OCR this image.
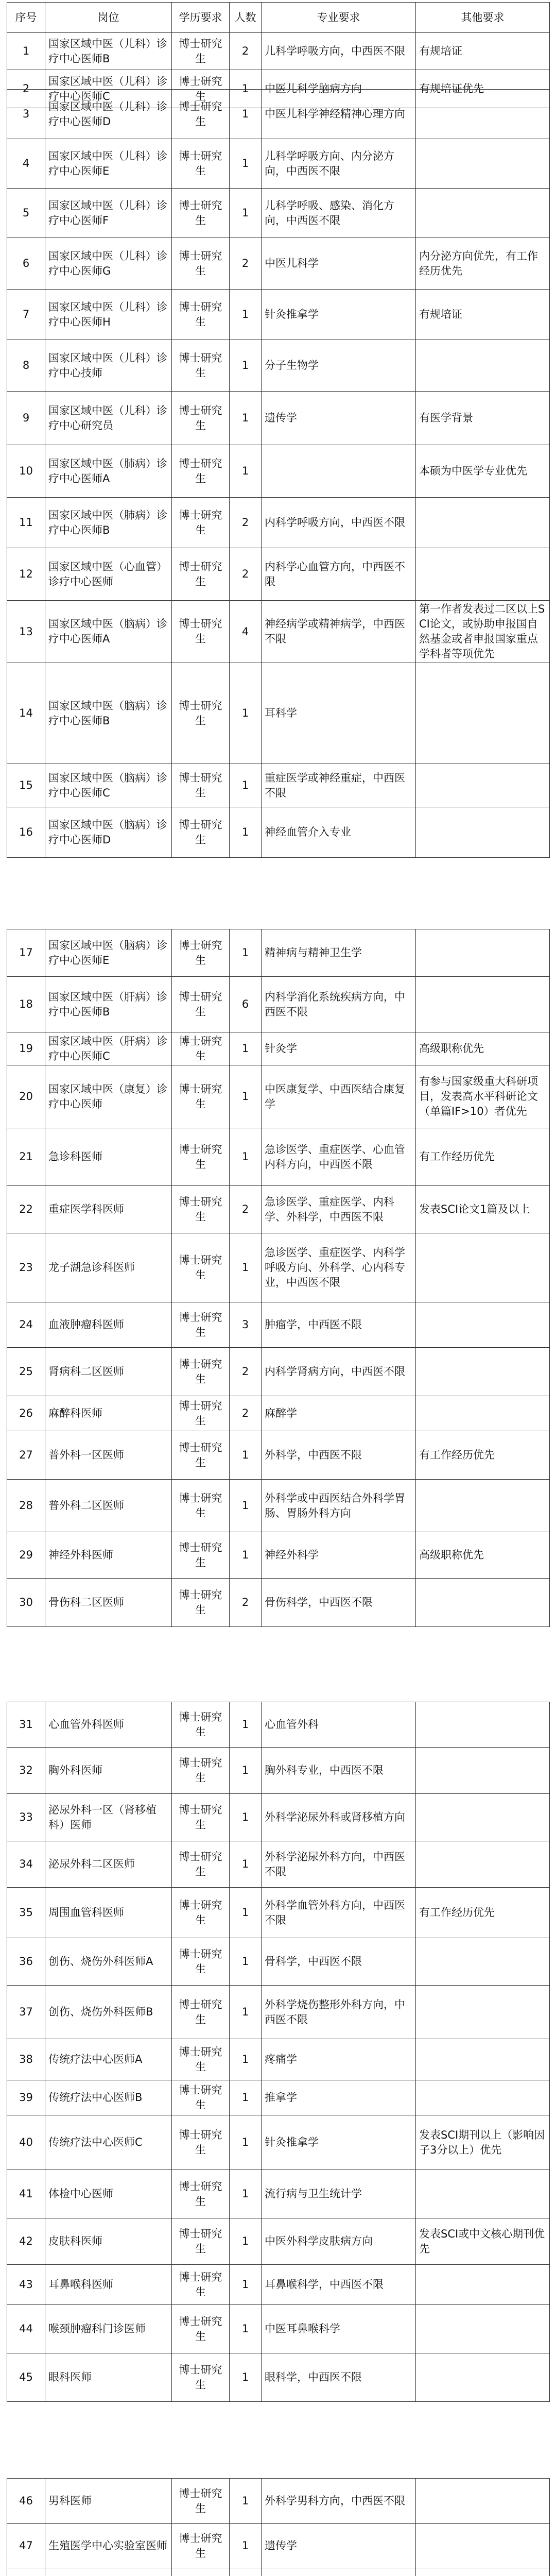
序号	岗位	学历要求	人数	专业要求	其他要求
1	国家区域中医（儿科）诊疗中心医师B	博士研究生	2	儿科学呼吸方向，中西医不限	有规培证
2	国家区域中医（儿科）诊疗中心医师C	博士研究生	1	中医儿科学脑病方向	有规培证优先
3	国家区域中医（儿科）诊疗中心医师D	博士研究生	1	中医儿科学神经精神心理方向	
4	国家区域中医（儿科）诊疗中心医师E	博士研究生	1	儿科学呼吸方向、内分泌方向，中西医不限	
5	国家区域中医（儿科）诊疗中心医师F	博士研究生	1	儿科学呼吸、感染、消化方向，中西医不限	
6	国家区域中医（儿科）诊疗中心医师G	博士研究生	2	中医儿科学	内分泌方向优先，有工作经历优先
7	国家区域中医（儿科）诊疗中心医师H	博士研究生	1	针灸推拿学	有规培证
8	国家区域中医（儿科）诊疗中心技师	博士研究生	1	分子生物学	
9	国家区域中医（儿科）诊疗中心研究员	博士研究生	1	遗传学	有医学背景
10	国家区域中医（肺病）诊疗中心医师A	博士研究生	1		本硕为中医学专业优先
11	国家区域中医（肺病）诊疗中心医师B	博士研究生	2	内科学呼吸方向，中西医不限	
12	国家区域中医（心血管）诊疗中心医师	博士研究生	2	内科学心血管方向，中西医不限	
13	国家区域中医（脑病）诊疗中心医师A	博士研究生	4	神经病学或精神病学，中西医不限	第一作者发表过二区以上SCI论文，或协助申报国自然基金或者申报国家重点学科者等项优先
14	国家区域中医（脑病）诊疗中心医师B	博士研究生	1	耳科学	
15	国家区域中医（脑病）诊疗中心医师C	博士研究生	1	重症医学或神经重症，中西医不限	
16	国家区域中医（脑病）诊疗中心医师D	博士研究生	1	神经血管介入专业	
17	国家区域中医（脑病）诊疗中心医师E	博士研究生	1	精神病与精神卫生学	
18	国家区域中医（肝病）诊疗中心医师B	博士研究生	6	内科学消化系统疾病方向，中西医不限	
19	国家区域中医（肝病）诊疗中心医师C	博士研究生	1	针灸学	高级职称优先
20	国家区域中医（康复）诊疗中心医师	博士研究生	1	中医康复学、中西医结合康复学	有参与国家级重大科研项目，发表高水平科研论文（单篇IF>10）者优先
21	急诊科医师	博士研究生	1	急诊医学、重症医学、心血管内科方向，中西医不限	有工作经历优先
22	重症医学科医师	博士研究生	2	急诊医学、重症医学、内科学、外科学，中西医不限	发表SCI论文1篇及以上
23	龙子湖急诊科医师	博士研究生	1	急诊医学、重症医学、内科学呼吸方向、外科学、心内科专业，中西医不限	
24	血液肿瘤科医师	博士研究生	3	肿瘤学，中西医不限	
25	肾病科二区医师	博士研究生	2	内科学肾病方向，中西医不限	
26	麻醉科医师	博士研究生	2	麻醉学	
27	普外科一区医师	博士研究生	1	外科学，中西医不限	有工作经历优先
28	普外科二区医师	博士研究生	1	外科学或中西医结合外科学胃肠、胃肠外科方向	
29	神经外科医师	博士研究生	1	神经外科学	高级职称优先
30	骨伤科二区医师	博士研究生	2	骨伤科学，中西医不限	
31	心血管外科医师	博士研究生	1	心血管外科	
32	胸外科医师	博士研究生	1	胸外科专业，中西医不限	
33	泌尿外科一区（肾移植科）医师	博士研究生	1	外科学泌尿外科或肾移植方向	
34	泌尿外科二区医师	博士研究生	1	外科学泌尿外科方向，中西医不限	
35	周围血管科医师	博士研究生	1	外科学血管外科方向，中西医不限	有工作经历优先
36	创伤、烧伤外科医师A	博士研究生	1	骨科学，中西医不限	
37	创伤、烧伤外科医师B	博士研究生	1	外科学烧伤整形外科方向，中西医不限	
38	传统疗法中心医师A	博士研究生	1	疼痛学	
39	传统疗法中心医师B	博士研究生	1	推拿学	
40	传统疗法中心医师C	博士研究生	1	针灸推拿学	发表SCI期刊以上（影响因子3分以上）优先
41	体检中心医师	博士研究生	1	流行病与卫生统计学	
42	皮肤科医师	博士研究生	1	中医外科学皮肤病方向	发表SCI或中文核心期刊优先
43	耳鼻喉科医师	博士研究生	1	耳鼻喉科学，中西医不限	
44	喉颈肿瘤科门诊医师	博士研究生	1	中医耳鼻喉科学	
45	眼科医师	博士研究生	1	眼科学，中西医不限	
46	男科医师	博士研究生	1	外科学男科方向，中西医不限	
47	生殖医学中心实验室医师	博士研究生	1	遗传学	
